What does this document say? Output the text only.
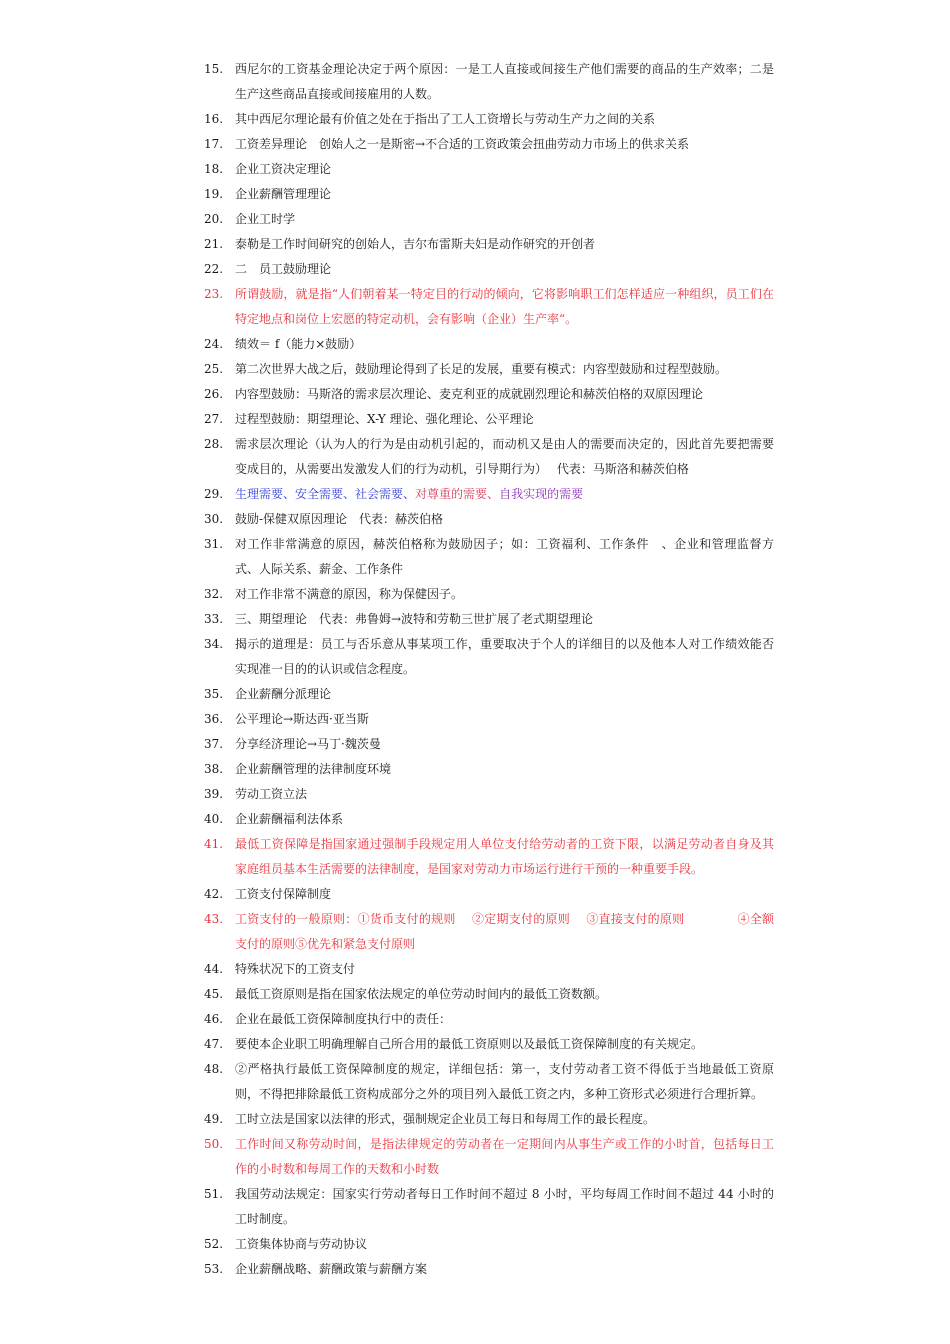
15. 西尼尔的工资基金理论决定于两个原因：一是工人直接或间接生产他们需要的商品的生产效率；二是生产这些商品直接或间接雇用的人数。
16. 其中西尼尔理论最有价值之处在于指出了工人工资增长与劳动生产力之间的关系
17. 工资差异理论　创始人之一是斯密→不合适的工资政策会扭曲劳动力市场上的供求关系
18. 企业工资决定理论
19. 企业薪酬管理理论
20. 企业工时学
21. 泰勒是工作时间研究的创始人，吉尔布雷斯夫妇是动作研究的开创者
22. 二　员工鼓励理论
23. 所谓鼓励，就是指“人们朝着某一特定目的行动的倾向，它将影响职工们怎样适应一种组织，员工们在特定地点和岗位上宏愿的特定动机，会有影响（企业）生产率“。
24. 绩效＝ f（能力×鼓励）
25. 第二次世界大战之后，鼓励理论得到了长足的发展，重要有模式：内容型鼓励和过程型鼓励。
26. 内容型鼓励：马斯洛的需求层次理论、麦克利亚的成就剧烈理论和赫茨伯格的双原因理论
27. 过程型鼓励：期望理论、X-Y 理论、强化理论、公平理论
28. 需求层次理论（认为人的行为是由动机引起的，而动机又是由人的需要而决定的，因此首先要把需要变成目的，从需要出发激发人们的行为动机，引导期行为）　 代表：马斯洛和赫茨伯格
29. 生理需要、安全需要、社会需要、对尊重的需要、自我实现的需要
30. 鼓励-保健双原因理论　代表：赫茨伯格
31. 对工作非常满意的原因，赫茨伯格称为鼓励因子；如：工资福利、工作条件　、企业和管理监督方式、人际关系、薪金、工作条件
32. 对工作非常不满意的原因，称为保健因子。
33. 三、期望理论　代表：弗鲁姆→波特和劳勒三世扩展了老式期望理论
34. 揭示的道理是：员工与否乐意从事某项工作，重要取决于个人的详细目的以及他本人对工作绩效能否实现准一目的的认识或信念程度。
35. 企业薪酬分派理论
36. 公平理论→斯达西·亚当斯
37. 分享经济理论→马丁·魏茨曼
38. 企业薪酬管理的法律制度环境
39. 劳动工资立法
40. 企业薪酬福利法体系
41. 最低工资保障是指国家通过强制手段规定用人单位支付给劳动者的工资下限，以满足劳动者自身及其家庭组员基本生活需要的法律制度，是国家对劳动力市场运行进行干预的一种重要手段。
42. 工资支付保障制度
43. 工资支付的一般原则：①货币支付的规则　 ②定期支付的原则　 ③直接支付的原则　　　　 ④全额支付的原则⑤优先和紧急支付原则
44. 特殊状况下的工资支付
45. 最低工资原则是指在国家依法规定的单位劳动时间内的最低工资数额。
46. 企业在最低工资保障制度执行中的责任：
47. 要使本企业职工明确理解自己所合用的最低工资原则以及最低工资保障制度的有关规定。
48. ②严格执行最低工资保障制度的规定，详细包括：第一，支付劳动者工资不得低于当地最低工资原则，不得把排除最低工资构成部分之外的项目列入最低工资之内，多种工资形式必须进行合理折算。
49. 工时立法是国家以法律的形式，强制规定企业员工每日和每周工作的最长程度。
50. 工作时间又称劳动时间，是指法律规定的劳动者在一定期间内从事生产或工作的小时首，包括每日工作的小时数和每周工作的天数和小时数
51. 我国劳动法规定：国家实行劳动者每日工作时间不超过 8 小时，平均每周工作时间不超过 44 小时的工时制度。
52. 工资集体协商与劳动协议
53. 企业薪酬战略、薪酬政策与薪酬方案
